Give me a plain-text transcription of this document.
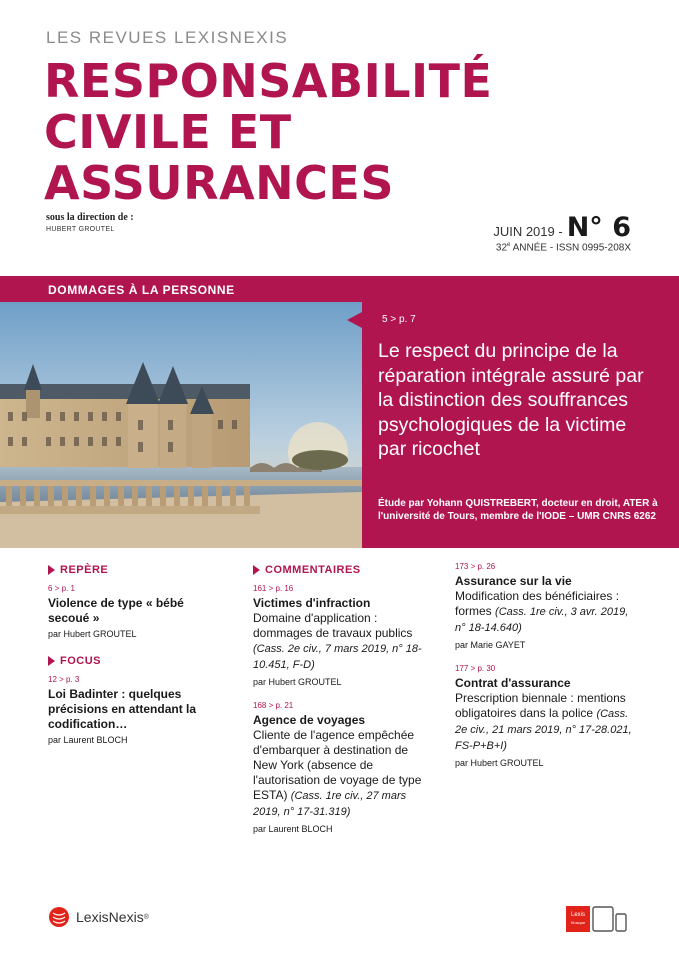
LES REVUES LEXISNEXIS
RESPONSABILITÉ
CIVILE ET
ASSURANCES
sous la direction de :
HUBERT GROUTEL	JUIN 2019 - N° 6
32e ANNÉE - ISSN 0995-208X
DOMMAGES À LA PERSONNE
5 > p. 7
Le respect du principe de la réparation intégrale assuré par la distinction des souffrances psychologiques de la victime par ricochet
Étude par Yohann QUISTREBERT, docteur en droit, ATER à l'université de Tours, membre de l'IODE – UMR CNRS 6262
REPÈRE
6 > p. 1
Violence de type « bébé secoué »
par Hubert GROUTEL
FOCUS
12 > p. 3
Loi Badinter : quelques précisions en attendant la codification…
par Laurent BLOCH
COMMENTAIRES
161 > p. 16
Victimes d'infraction
Domaine d'application : dommages de travaux publics (Cass. 2e civ., 7 mars 2019, n° 18-10.451, F-D)
par Hubert GROUTEL
168 > p. 21
Agence de voyages
Cliente de l'agence empêchée d'embarquer à destination de New York (absence de l'autorisation de voyage de type ESTA) (Cass. 1re civ., 27 mars 2019, n° 17-31.319)
par Laurent BLOCH
173 > p. 26
Assurance sur la vie
Modification des bénéficiaires : formes (Cass. 1re civ., 3 avr. 2019, n° 18-14.640)
par Marie GAYET
177 > p. 30
Contrat d'assurance
Prescription biennale : mentions obligatoires dans la police (Cass. 2e civ., 21 mars 2019, n° 17-28.021, FS-P+B+I)
par Hubert GROUTEL
LexisNexis ®	Lexis
Kiosque
